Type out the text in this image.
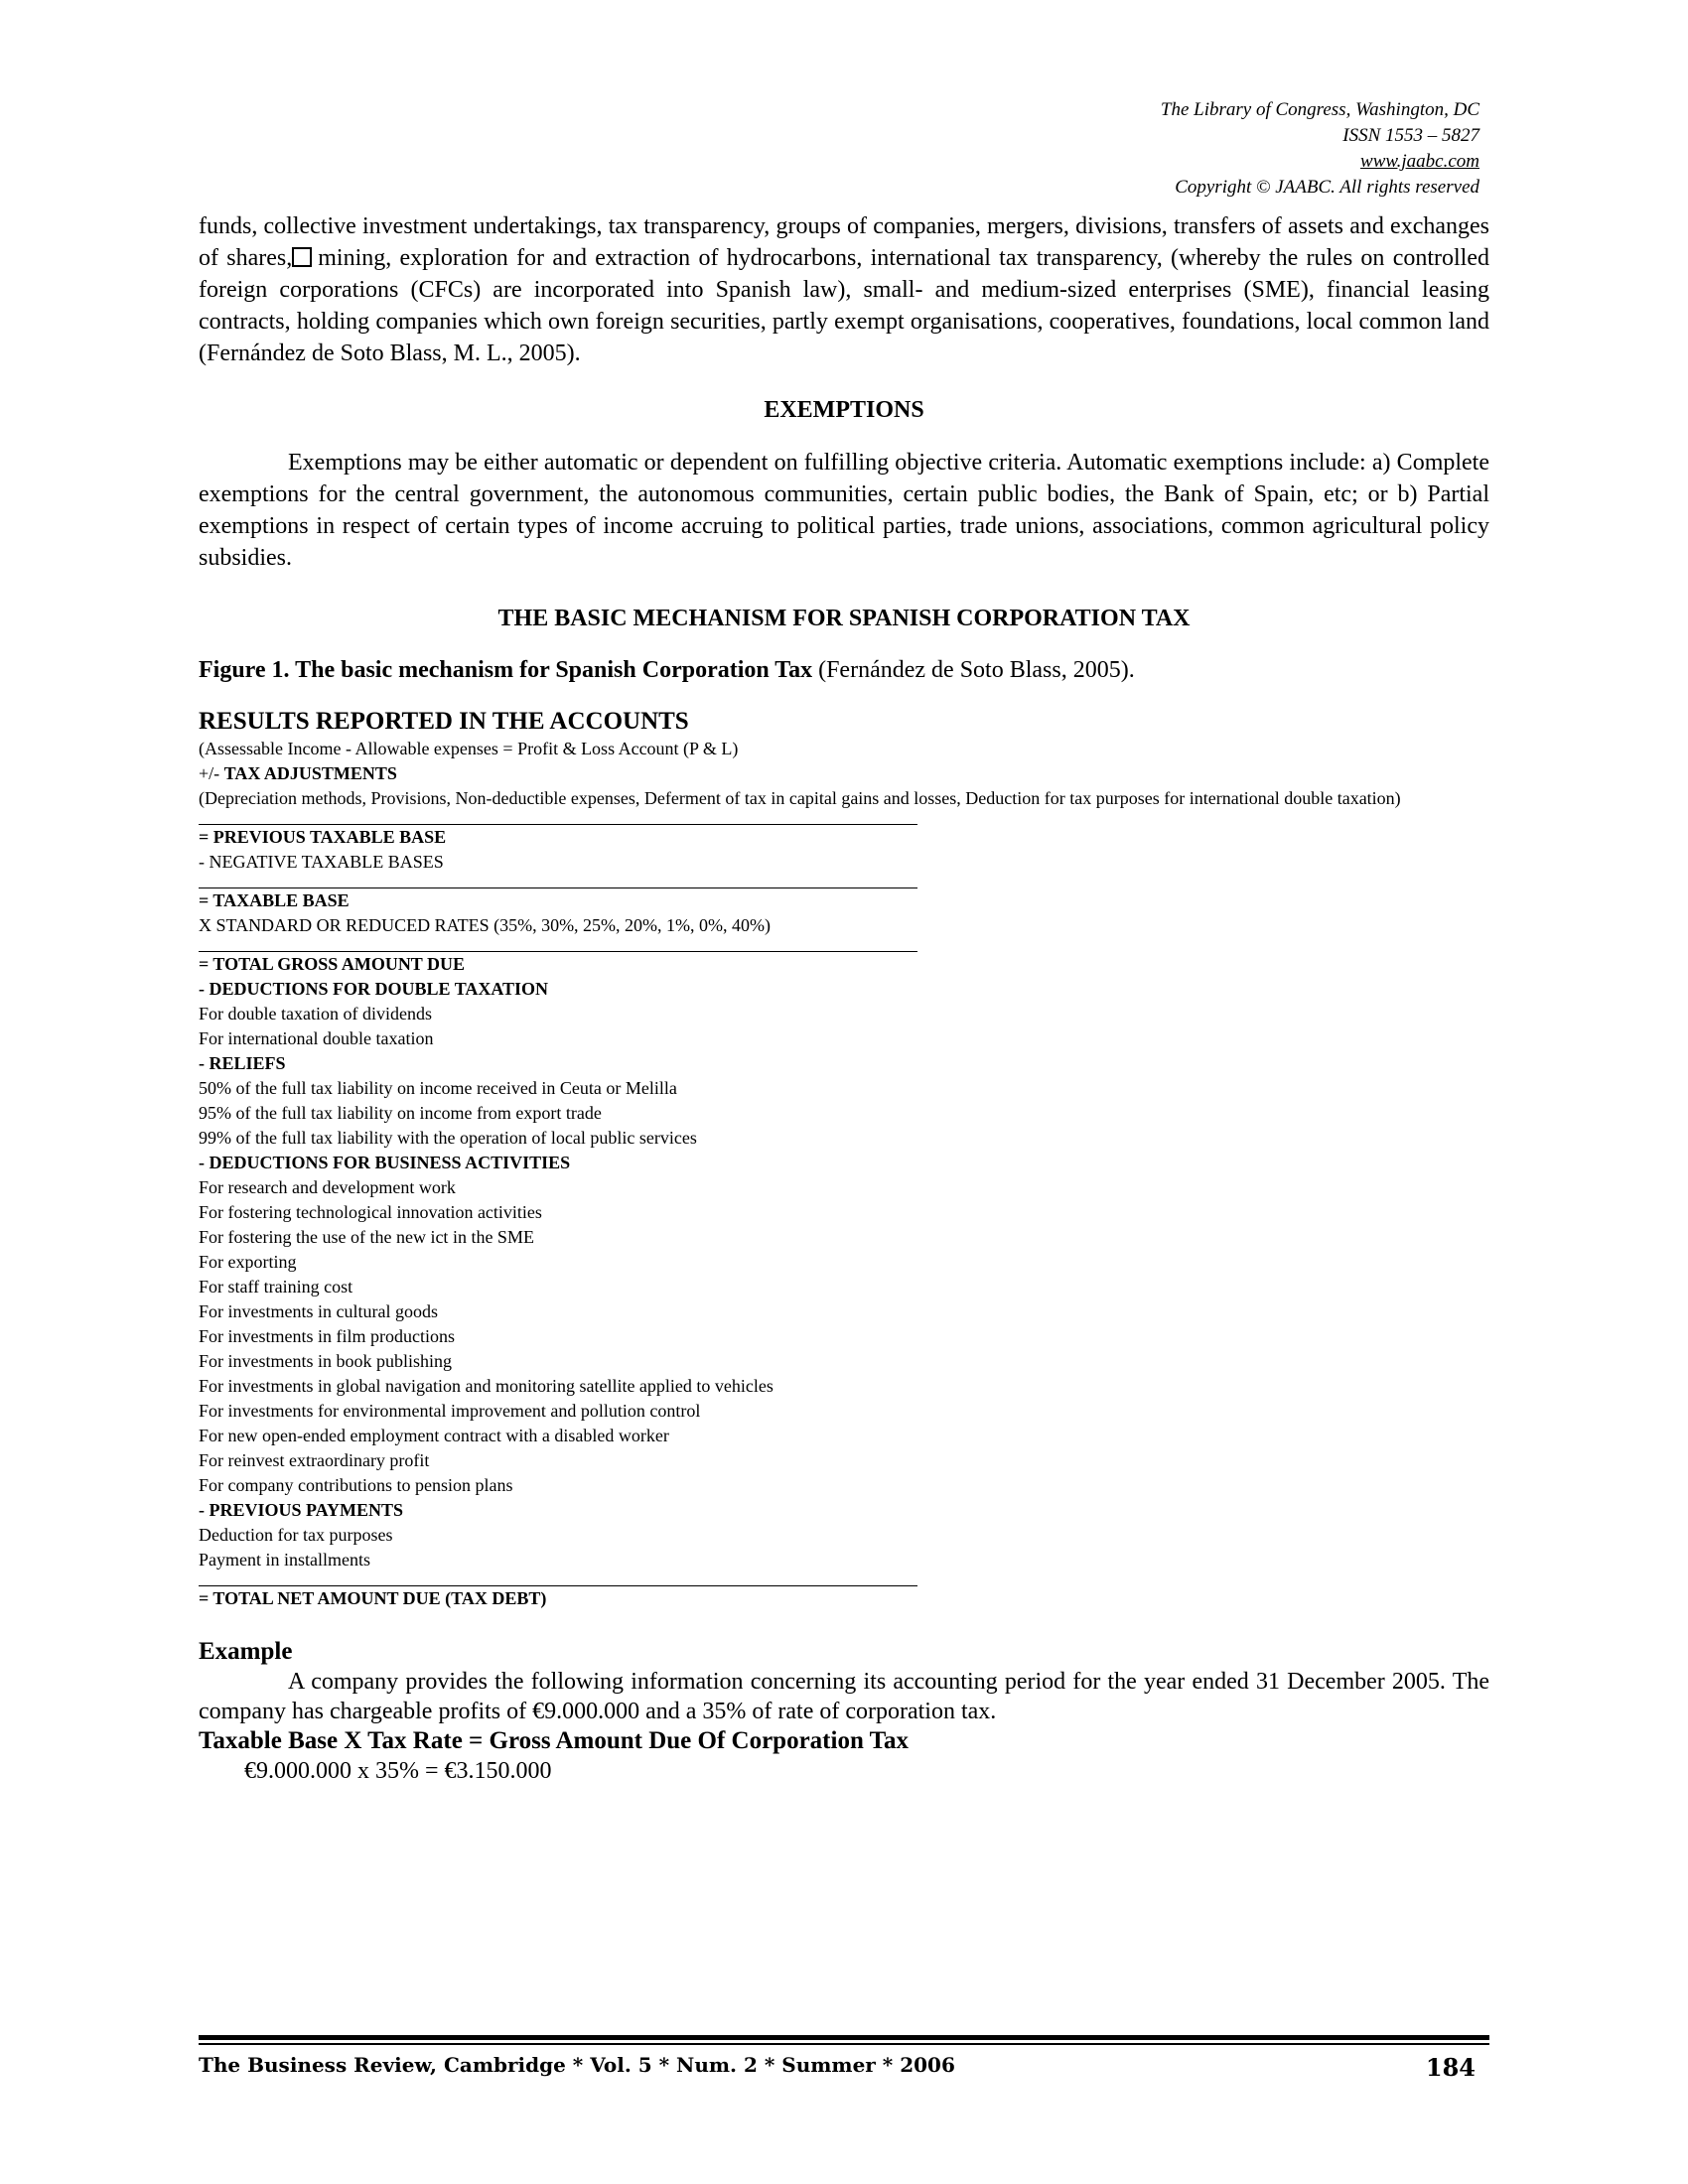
The Library of Congress, Washington, DC
ISSN 1553 – 5827
www.jaabc.com
Copyright © JAABC. All rights reserved

funds, collective investment undertakings, tax transparency, groups of companies, mergers, divisions, transfers of assets and exchanges of shares, mining, exploration for and extraction of hydrocarbons, international tax transparency, (whereby the rules on controlled foreign corporations (CFCs) are incorporated into Spanish law), small- and medium-sized enterprises (SME), financial leasing contracts, holding companies which own foreign securities, partly exempt organisations, cooperatives, foundations, local common land (Fernández de Soto Blass, M. L., 2005).

EXEMPTIONS

Exemptions may be either automatic or dependent on fulfilling objective criteria. Automatic exemptions include: a) Complete exemptions for the central government, the autonomous communities, certain public bodies, the Bank of Spain, etc; or b) Partial exemptions in respect of certain types of income accruing to political parties, trade unions, associations, common agricultural policy subsidies.

THE BASIC MECHANISM FOR SPANISH CORPORATION TAX
Figure 1. The basic mechanism for Spanish Corporation Tax (Fernández de Soto Blass, 2005).
RESULTS REPORTED IN THE ACCOUNTS
(Assessable Income - Allowable expenses = Profit & Loss Account (P & L)
+/- TAX ADJUSTMENTS
(Depreciation methods, Provisions, Non-deductible expenses, Deferment of tax in capital gains and losses, Deduction for tax purposes for international double taxation)
= PREVIOUS TAXABLE BASE
- NEGATIVE TAXABLE BASES
= TAXABLE BASE
X STANDARD OR REDUCED RATES (35%, 30%, 25%, 20%, 1%, 0%, 40%)
= TOTAL GROSS AMOUNT DUE
- DEDUCTIONS FOR DOUBLE TAXATION
For double taxation of dividends
For international double taxation
- RELIEFS
50% of the full tax liability on income received in Ceuta or Melilla
95% of the full tax liability on income from export trade
99% of the full tax liability with the operation of local public services
- DEDUCTIONS FOR BUSINESS ACTIVITIES
For research and development work
For fostering technological innovation activities
For fostering the use of the new ict in the SME
For exporting
For staff training cost
For investments in cultural goods
For investments in film productions
For investments in book publishing
For investments in global navigation and monitoring satellite applied to vehicles
For investments for environmental improvement and pollution control
For new open-ended employment contract with a disabled worker
For reinvest extraordinary profit
For company contributions to pension plans
- PREVIOUS PAYMENTS
Deduction for tax purposes
Payment in installments
= TOTAL NET AMOUNT DUE (TAX DEBT)
Example

A company provides the following information concerning its accounting period for the year ended 31 December 2005. The company has chargeable profits of €9.000.000 and a 35% of rate of corporation tax.

Taxable Base X Tax Rate = Gross Amount Due Of Corporation Tax
€9.000.000 x 35% = €3.150.000
The Business Review, Cambridge * Vol. 5 * Num. 2 * Summer * 2006	184
